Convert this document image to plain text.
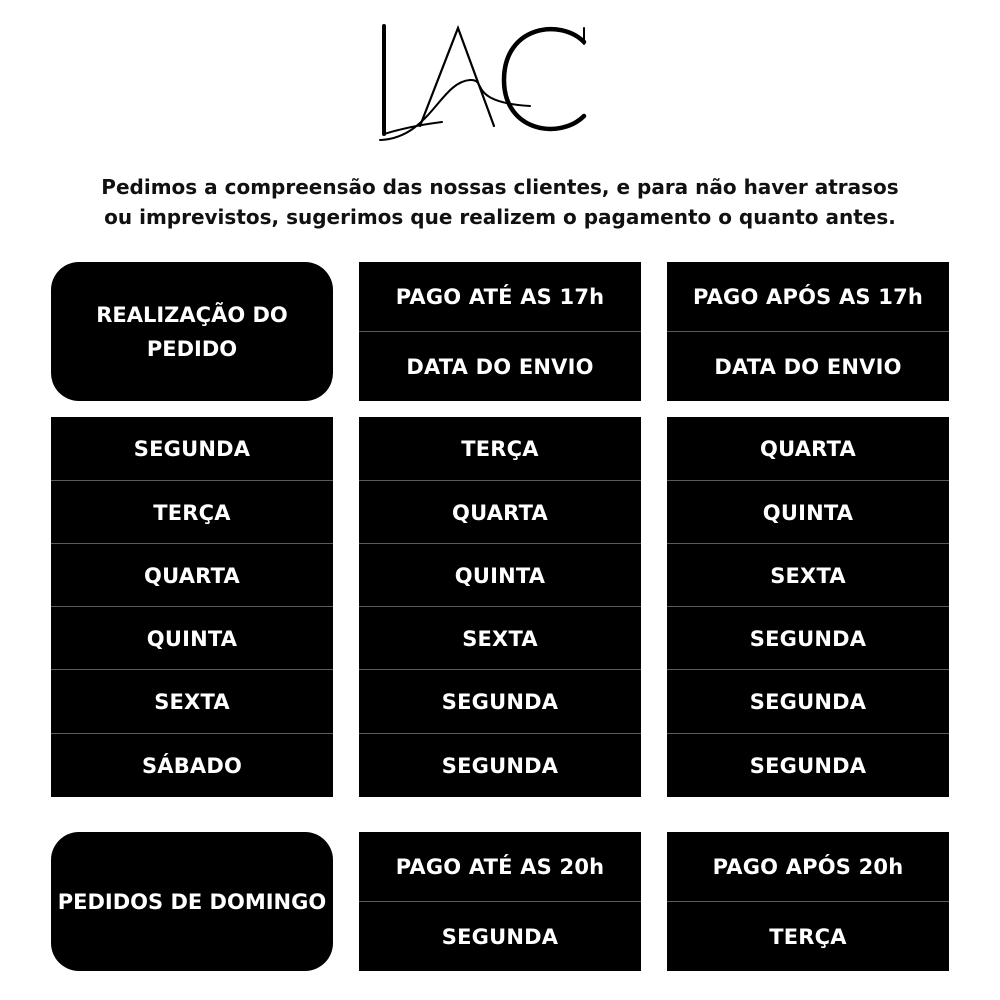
Pedimos a compreensão das nossas clientes, e para não haver atrasos
ou imprevistos, sugerimos que realizem o pagamento o quanto antes.
REALIZAÇÃO DO PEDIDO
PAGO ATÉ AS 17h
DATA DO ENVIO
PAGO APÓS AS 17h
DATA DO ENVIO
SEGUNDA
TERÇA
QUARTA
QUINTA
SEXTA
SÁBADO
TERÇA
QUARTA
QUINTA
SEXTA
SEGUNDA
SEGUNDA
QUARTA
QUINTA
SEXTA
SEGUNDA
SEGUNDA
SEGUNDA
PEDIDOS DE DOMINGO
PAGO ATÉ AS 20h
SEGUNDA
PAGO APÓS 20h
TERÇA
